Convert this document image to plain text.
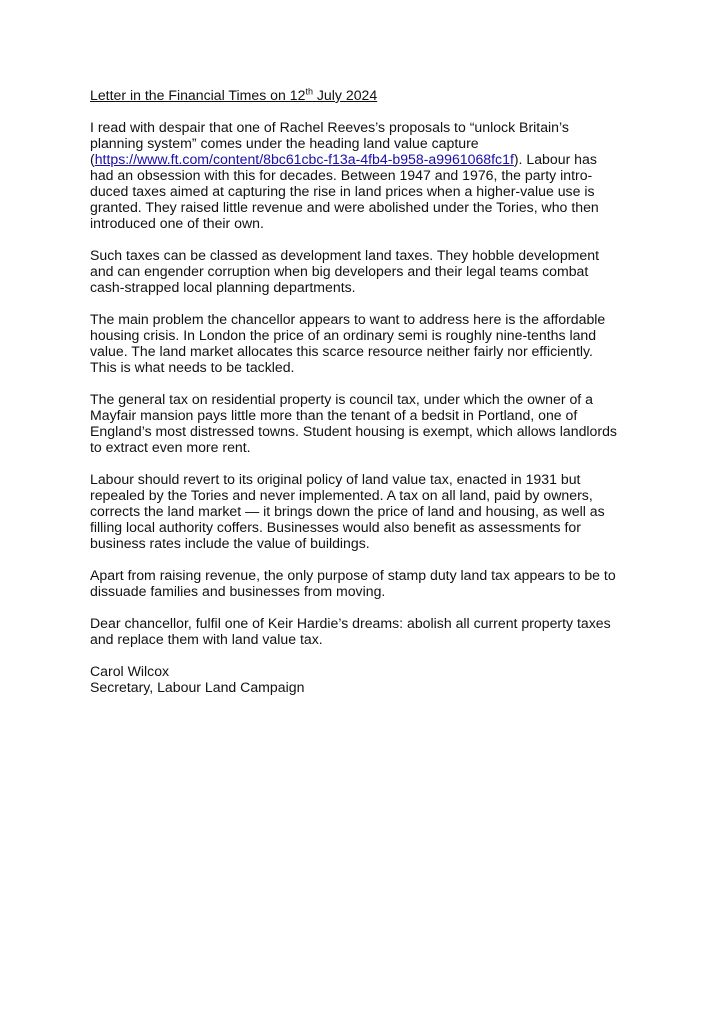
Letter in the Financial Times on 12th July 2024
I read with despair that one of Rachel Reeves’s proposals to “unlock Britain’s
planning system” comes under the heading land value capture
(https://www.ft.com/content/8bc61cbc-f13a-4fb4-b958-a9961068fc1f). Labour has
had an obsession with this for decades. Between 1947 and 1976, the party intro-
duced taxes aimed at capturing the rise in land prices when a higher-value use is
granted. They raised little revenue and were abolished under the Tories, who then
introduced one of their own.
Such taxes can be classed as development land taxes. They hobble development
and can engender corruption when big developers and their legal teams combat
cash-strapped local planning departments.
The main problem the chancellor appears to want to address here is the affordable
housing crisis. In London the price of an ordinary semi is roughly nine-tenths land
value. The land market allocates this scarce resource neither fairly nor efficiently.
This is what needs to be tackled.
The general tax on residential property is council tax, under which the owner of a
Mayfair mansion pays little more than the tenant of a bedsit in Portland, one of
England’s most distressed towns. Student housing is exempt, which allows landlords
to extract even more rent.
Labour should revert to its original policy of land value tax, enacted in 1931 but
repealed by the Tories and never implemented. A tax on all land, paid by owners,
corrects the land market — it brings down the price of land and housing, as well as
filling local authority coffers. Businesses would also benefit as assessments for
business rates include the value of buildings.
Apart from raising revenue, the only purpose of stamp duty land tax appears to be to
dissuade families and businesses from moving.
Dear chancellor, fulfil one of Keir Hardie’s dreams: abolish all current property taxes
and replace them with land value tax.
Carol Wilcox
Secretary, Labour Land Campaign
